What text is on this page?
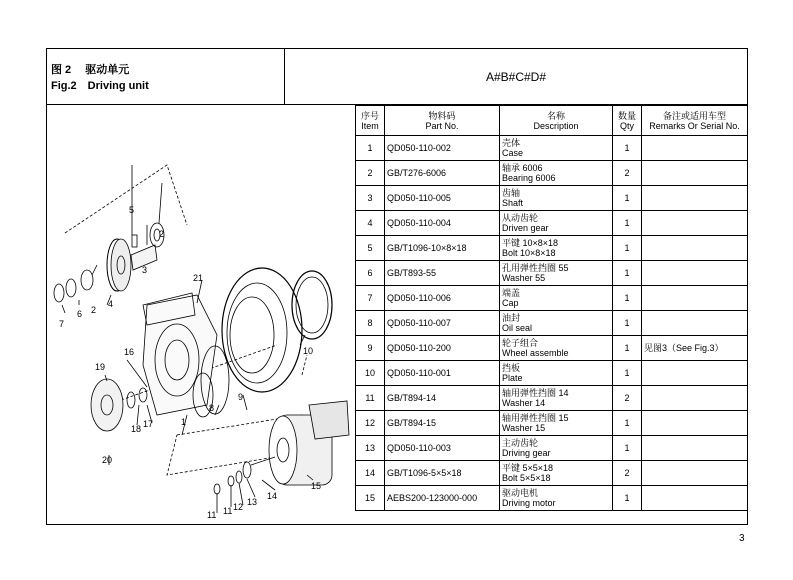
图 2　 驱动单元
Fig.2　Driving unit
A#B#C#D#
5
2
3
2
6
4
7
21
10
16
19
8
9
18 17	1
20
15
14
13
12
11
11
序号
Item	物料码
Part No.	名称
Description	数量
Qty	备注或适用车型
Remarks Or Serial No.

1	QD050-110-002	壳体
Case	1	
2	GB/T276-6006	轴承 6006
Bearing 6006	2	
3	QD050-110-005	齿轴
Shaft	1	
4	QD050-110-004	从动齿轮
Driven gear	1	
5	GB/T1096-10×8×18	平键 10×8×18
Bolt 10×8×18	1	
6	GB/T893-55	孔用弹性挡圈 55
Washer 55	1	
7	QD050-110-006	端盖
Cap	1	
8	QD050-110-007	油封
Oil seal	1	
9	QD050-110-200	轮子组合
Wheel assemble	1	见图3（See Fig.3）
10	QD050-110-001	挡板
Plate	1	
11	GB/T894-14	轴用弹性挡圈 14
Washer 14	2	
12	GB/T894-15	轴用弹性挡圈 15
Washer 15	1	
13	QD050-110-003	主动齿轮
Driving gear	1	
14	GB/T1096-5×5×18	平键 5×5×18
Bolt 5×5×18	2	
15	AEBS200-123000-000	驱动电机
Driving motor	1	
3
